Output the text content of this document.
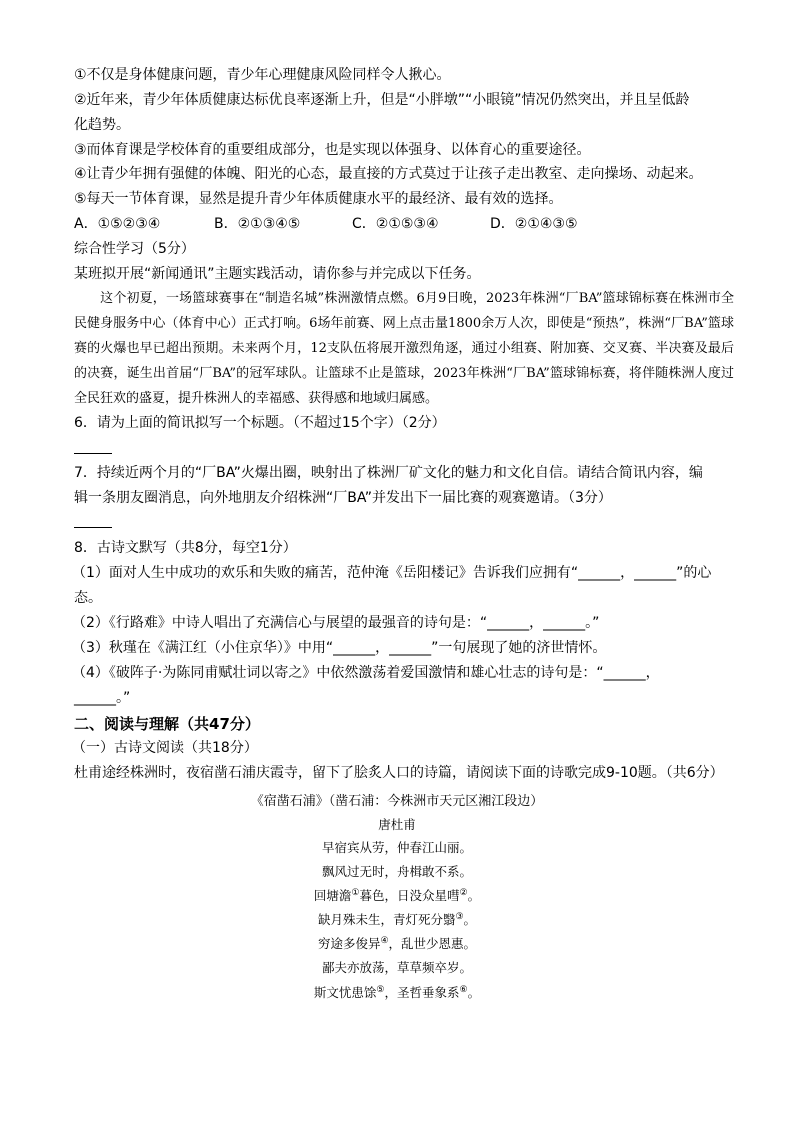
①不仅是身体健康问题，青少年心理健康风险同样令人揪心。
②近年来，青少年体质健康达标优良率逐渐上升，但是“小胖墩”“小眼镜”情况仍然突出，并且呈低龄
化趋势。
③而体育课是学校体育的重要组成部分，也是实现以体强身、以体育心的重要途径。
④让青少年拥有强健的体魄、阳光的心态，最直接的方式莫过于让孩子走出教室、走向操场、动起来。
⑤每天一节体育课，显然是提升青少年体质健康水平的最经济、最有效的选择。
A．①⑤②③④	B．②①③④⑤	C．②①⑤③④	D．②①④③⑤
综合性学习（5分）
某班拟开展“新闻通讯”主题实践活动，请你参与并完成以下任务。
这个初夏，一场篮球赛事在“制造名城”株洲激情点燃。6月9日晚，2023年株洲“厂BA”篮球锦标赛在株洲市全民健身服务中心（体育中心）正式打响。6场年前赛、网上点击量1800余万人次，即使是“预热”，株洲“厂BA”篮球赛的火爆也早已超出预期。未来两个月，12支队伍将展开激烈角逐，通过小组赛、附加赛、交叉赛、半决赛及最后的决赛，诞生出首届“厂BA”的冠军球队。让篮球不止是篮球，2023年株洲“厂BA”篮球锦标赛，将伴随株洲人度过全民狂欢的盛夏，提升株洲人的幸福感、获得感和地域归属感。
6．请为上面的简讯拟写一个标题。（不超过15个字）（2分）
7．持续近两个月的“厂BA”火爆出圈，映射出了株洲厂矿文化的魅力和文化自信。请结合简讯内容，编
辑一条朋友圈消息，向外地朋友介绍株洲“厂BA”并发出下一届比赛的观赛邀请。（3分）
8．古诗文默写（共8分，每空1分）
（1）面对人生中成功的欢乐和失败的痛苦，范仲淹《岳阳楼记》告诉我们应拥有“______，______”的心
态。
（2）《行路难》中诗人唱出了充满信心与展望的最强音的诗句是：“______，______。”
（3）秋瑾在《满江红（小住京华）》中用“______，______”一句展现了她的济世情怀。
（4）《破阵子·为陈同甫赋壮词以寄之》中依然激荡着爱国激情和雄心壮志的诗句是：“______，
______。”
二、阅读与理解（共47分）
（一）古诗文阅读（共18分）
杜甫途经株洲时，夜宿凿石浦庆霞寺，留下了脍炙人口的诗篇，请阅读下面的诗歌完成9-10题。（共6分）
《宿凿石浦》（凿石浦：今株洲市天元区湘江段边）
唐杜甫
早宿宾从劳，仲春江山丽。
飘风过无时，舟楫敢不系。
回塘澹①暮色，日没众星嘒②。
缺月殊未生，青灯死分翳③。
穷途多俊异④，乱世少恩惠。
鄙夫亦放荡，草草频卒岁。
斯文忧患馀⑤，圣哲垂象系⑥。
